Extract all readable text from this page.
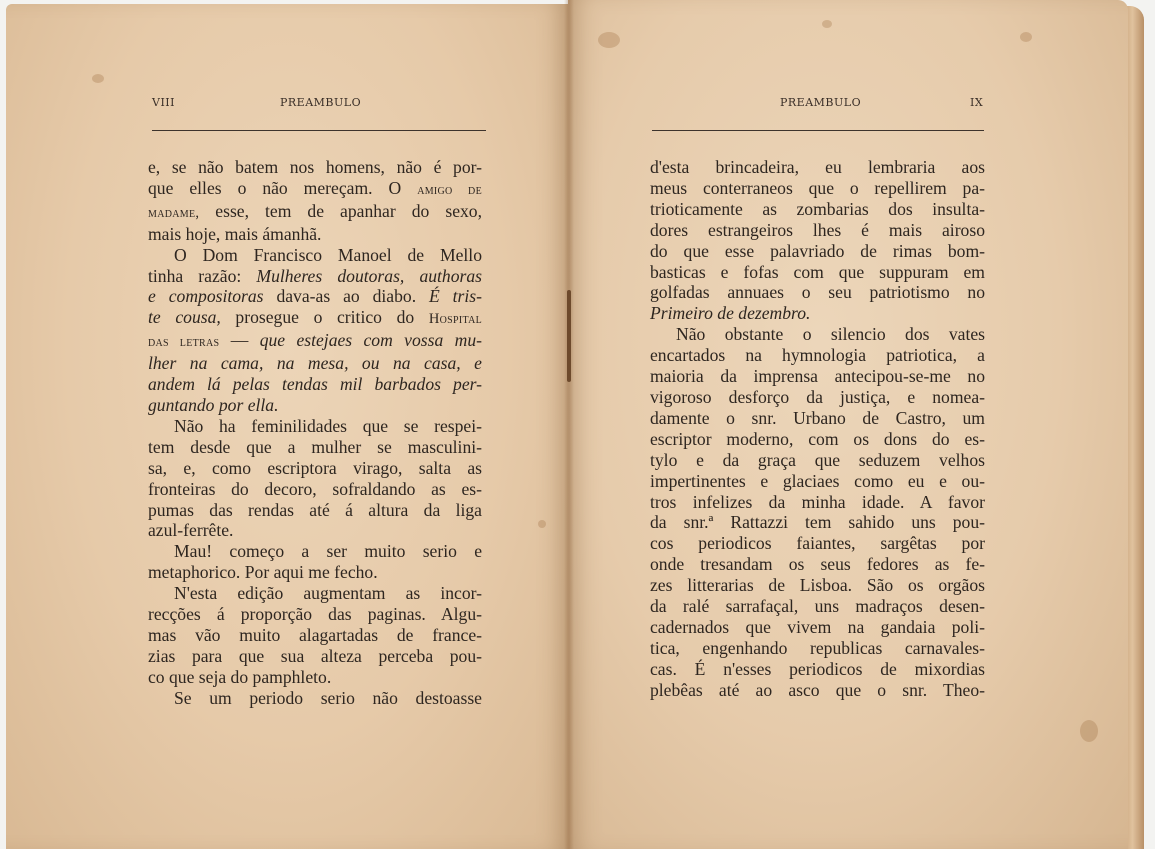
VIII	PREAMBULO	PREAMBULO	IX
e, se não batem nos homens, não é por-
que elles o não mereçam. O amigo de
madame, esse, tem de apanhar do sexo,
mais hoje, mais ámanhã.
O Dom Francisco Manoel de Mello
tinha razão: Mulheres doutoras, authoras
e compositoras dava-as ao diabo. É tris-
te cousa, prosegue o critico do Hospital
das letras — que estejaes com vossa mu-
lher na cama, na mesa, ou na casa, e
andem lá pelas tendas mil barbados per-
guntando por ella.
Não ha feminilidades que se respei-
tem desde que a mulher se masculini-
sa, e, como escriptora virago, salta as
fronteiras do decoro, sofraldando as es-
pumas das rendas até á altura da liga
azul-ferrête.
Mau! começo a ser muito serio e
metaphorico. Por aqui me fecho.
N'esta edição augmentam as incor-
recções á proporção das paginas. Algu-
mas vão muito alagartadas de france-
zias para que sua alteza perceba pou-
co que seja do pamphleto.
Se um periodo serio não destoasse
d'esta brincadeira, eu lembraria aos
meus conterraneos que o repellirem pa-
trioticamente as zombarias dos insulta-
dores estrangeiros lhes é mais airoso
do que esse palavriado de rimas bom-
basticas e fofas com que suppuram em
golfadas annuaes o seu patriotismo no
Primeiro de dezembro.
Não obstante o silencio dos vates
encartados na hymnologia patriotica, a
maioria da imprensa antecipou-se-me no
vigoroso desforço da justiça, e nomea-
damente o snr. Urbano de Castro, um
escriptor moderno, com os dons do es-
tylo e da graça que seduzem velhos
impertinentes e glaciaes como eu e ou-
tros infelizes da minha idade. A favor
da snr.ª Rattazzi tem sahido uns pou-
cos periodicos faiantes, sargêtas por
onde tresandam os seus fedores as fe-
zes litterarias de Lisboa. São os orgãos
da ralé sarrafaçal, uns madraços desen-
cadernados que vivem na gandaia poli-
tica, engenhando republicas carnavales-
cas. É n'esses periodicos de mixordias
plebêas até ao asco que o snr. Theo-
